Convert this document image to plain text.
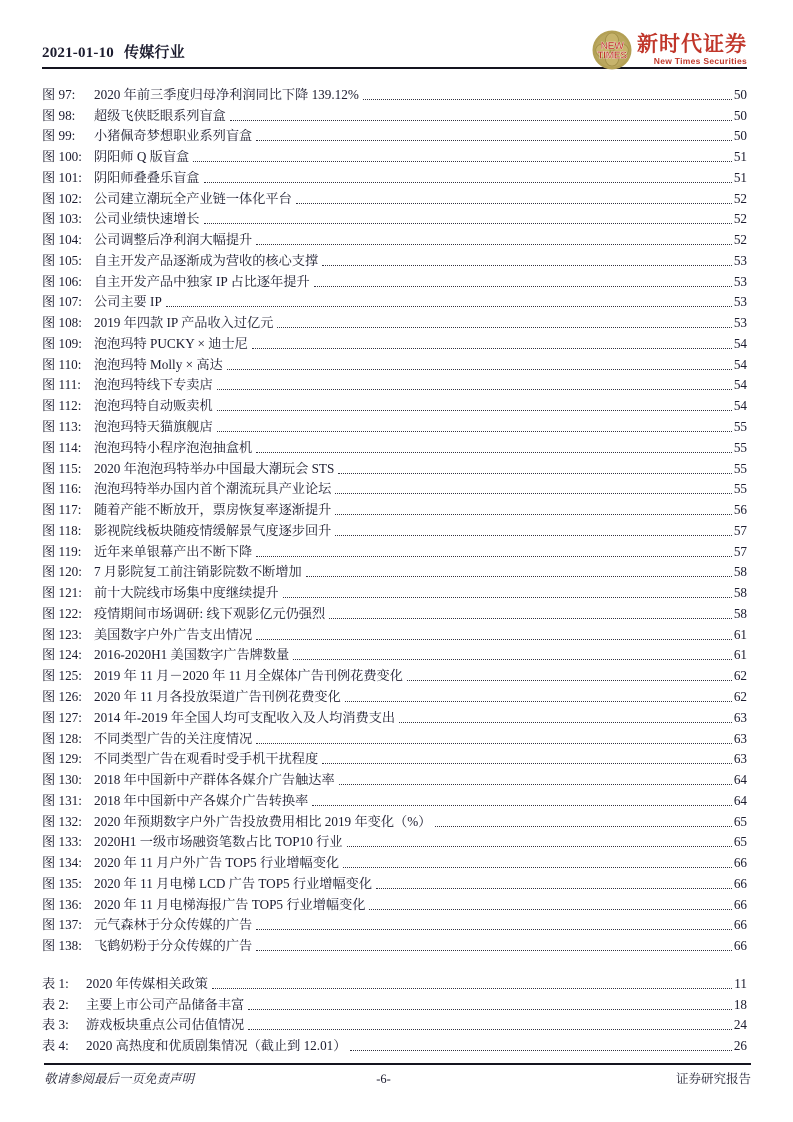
2021-01-10 传媒行业	NEW
TIMES 新时代证券
New Times Securities
图 97:	2020 年前三季度归母净利润同比下降 139.12%	50
图 98:	超级飞侠眨眼系列盲盒	50
图 99:	小猪佩奇梦想职业系列盲盒	50
图 100: 阴阳师 Q 版盲盒	51
图 101: 阴阳师叠叠乐盲盒	51
图 102: 公司建立潮玩全产业链一体化平台	52
图 103: 公司业绩快速增长	52
图 104: 公司调整后净利润大幅提升	52
图 105: 自主开发产品逐渐成为营收的核心支撑	53
图 106: 自主开发产品中独家 IP 占比逐年提升	53
图 107: 公司主要 IP	53
图 108: 2019 年四款 IP 产品收入过亿元	53
图 109: 泡泡玛特 PUCKY × 迪士尼	54
图 110: 泡泡玛特 Molly × 高达	54
图 111: 泡泡玛特线下专卖店	54
图 112: 泡泡玛特自动贩卖机	54
图 113: 泡泡玛特天猫旗舰店	55
图 114: 泡泡玛特小程序泡泡抽盒机	55
图 115: 2020 年泡泡玛特举办中国最大潮玩会 STS	55
图 116: 泡泡玛特举办国内首个潮流玩具产业论坛	55
图 117: 随着产能不断放开，票房恢复率逐渐提升	56
图 118: 影视院线板块随疫情缓解景气度逐步回升	57
图 119: 近年来单银幕产出不断下降	57
图 120: 7 月影院复工前注销影院数不断增加	58
图 121: 前十大院线市场集中度继续提升	58
图 122: 疫情期间市场调研: 线下观影亿元仍强烈	58
图 123: 美国数字户外广告支出情况	61
图 124: 2016-2020H1 美国数字广告牌数量	61
图 125: 2019 年 11 月－2020 年 11 月全媒体广告刊例花费变化	62
图 126: 2020 年 11 月各投放渠道广告刊例花费变化	62
图 127: 2014 年-2019 年全国人均可支配收入及人均消费支出	63
图 128: 不同类型广告的关注度情况	63
图 129: 不同类型广告在观看时受手机干扰程度	63
图 130: 2018 年中国新中产群体各媒介广告触达率	64
图 131: 2018 年中国新中产各媒介广告转换率	64
图 132: 2020 年预期数字户外广告投放费用相比 2019 年变化（%）	65
图 133: 2020H1 一级市场融资笔数占比 TOP10 行业	65
图 134: 2020 年 11 月户外广告 TOP5 行业增幅变化	66
图 135: 2020 年 11 月电梯 LCD 广告 TOP5 行业增幅变化	66
图 136: 2020 年 11 月电梯海报广告 TOP5 行业增幅变化	66
图 137: 元气森林于分众传媒的广告	66
图 138: 飞鹤奶粉于分众传媒的广告	66
表 1:	2020 年传媒相关政策	11
表 2:	主要上市公司产品储备丰富	18
表 3:	游戏板块重点公司估值情况	24
表 4:	2020 高热度和优质剧集情况（截止到 12.01）	26
敬请参阅最后一页免责声明	-6-	证券研究报告
